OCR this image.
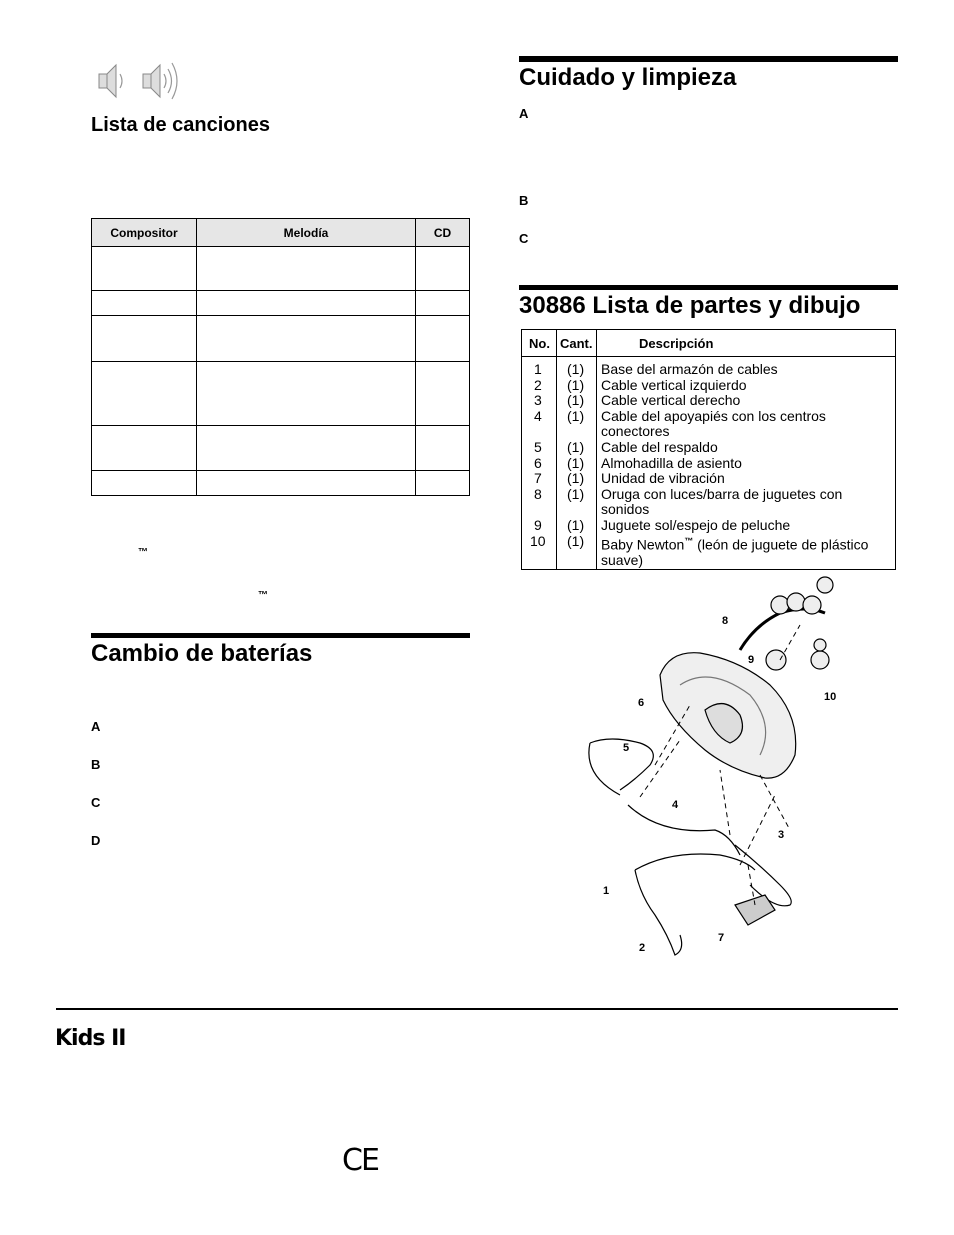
Lista de canciones
Compositor	Melodía	CD

™
™
Cambio de baterías
A
B
C
D
Cuidado y limpieza
A
B
C
30886 Lista de partes y dibujo
No. Cant.	Descripción
1 (1) Base del armazón de cables
2 (1) Cable vertical izquierdo
3 (1) Cable vertical derecho
4 (1) Cable del apoyapiés con los centros conectores
5 (1) Cable del respaldo
6 (1) Almohadilla de asiento
7 (1) Unidad de vibración
8 (1) Oruga con luces/barra de juguetes con sonidos
9 (1) Juguete sol/espejo de peluche
10 (1) Baby Newton™ (león de juguete de plástico suave)
1
2
3
4
5
6
7
8
9
10
Kids II
CE
